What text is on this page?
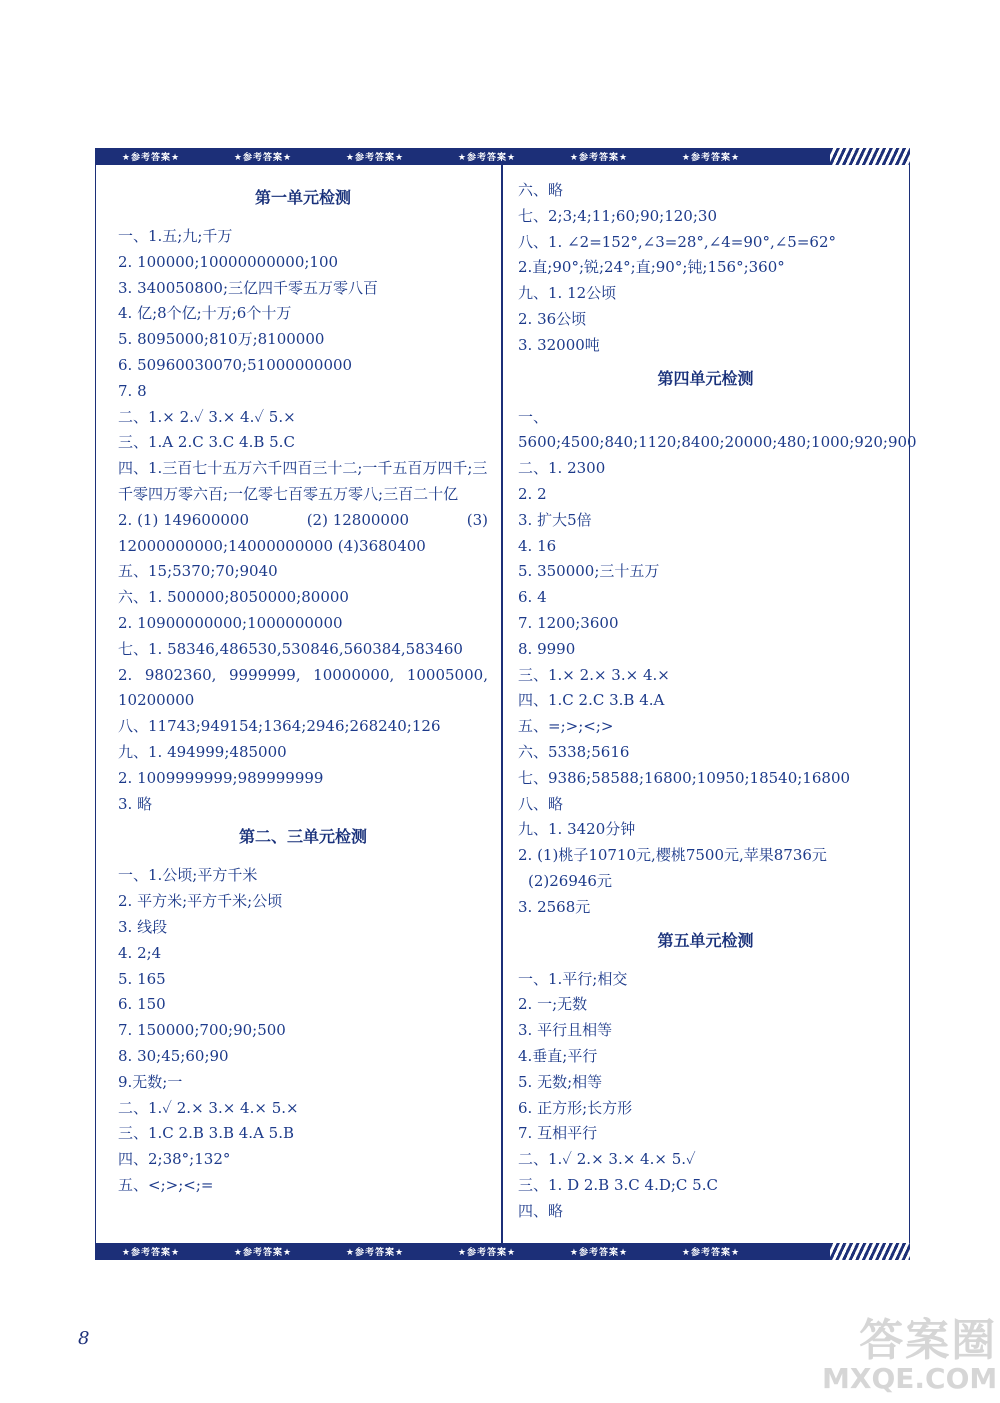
★参考答案★	★参考答案★	★参考答案★	★参考答案★	★参考答案★	★参考答案★
第一单元检测
一、1.五;九;千万
2. 100000;10000000000;100
3. 340050800;三亿四千零五万零八百
4. 亿;8个亿;十万;6个十万
5. 8095000;810万;8100000
6. 50960030070;51000000000
7. 8
二、1.× 2.✓ 3.× 4.✓ 5.×
三、1.A 2.C 3.C 4.B 5.C
四、1.三百七十五万六千四百三十二;一千五百万四千;三千零四万零六百;一亿零七百零五万零八;三百二十亿
2. (1) 149600000	(2) 12800000	(3)
12000000000;14000000000 (4)3680400
五、15;5370;70;9040
六、1. 500000;8050000;80000
2. 10900000000;1000000000
七、1. 58346,486530,530846,560384,583460
2. 9802360, 9999999, 10000000, 10005000,
10200000
八、11743;949154;1364;2946;268240;126
九、1. 494999;485000
2. 1009999999;989999999
3. 略
第二、三单元检测
一、1.公顷;平方千米
2. 平方米;平方千米;公顷
3. 线段
4. 2;4
5. 165
6. 150
7. 150000;700;90;500
8. 30;45;60;90
9.无数;一
二、1.✓ 2.× 3.× 4.× 5.×
三、1.C 2.B 3.B 4.A 5.B
四、2;38°;132°
五、<;>;<;=
六、略
七、2;3;4;11;60;90;120;30
八、1. ∠2=152°,∠3=28°,∠4=90°,∠5=62°
2.直;90°;锐;24°;直;90°;钝;156°;360°
九、1. 12公顷
2. 36公顷
3. 32000吨
第四单元检测
一、5600;4500;840;1120;8400;20000;480;1000;920;900
二、1. 2300
2. 2
3. 扩大5倍
4. 16
5. 350000;三十五万
6. 4
7. 1200;3600
8. 9990
三、1.× 2.× 3.× 4.×
四、1.C 2.C 3.B 4.A
五、=;>;<;>
六、5338;5616
七、9386;58588;16800;10950;18540;16800
八、略
九、1. 3420分钟
2. (1)桃子10710元,樱桃7500元,苹果8736元
(2)26946元
3. 2568元
第五单元检测
一、1.平行;相交
2. 一;无数
3. 平行且相等
4.垂直;平行
5. 无数;相等
6. 正方形;长方形
7. 互相平行
二、1.✓ 2.× 3.× 4.× 5.✓
三、1. D 2.B 3.C 4.D;C 5.C
四、略
★参考答案★	★参考答案★	★参考答案★	★参考答案★	★参考答案★	★参考答案★
8	答案圈
MXQE.COM
